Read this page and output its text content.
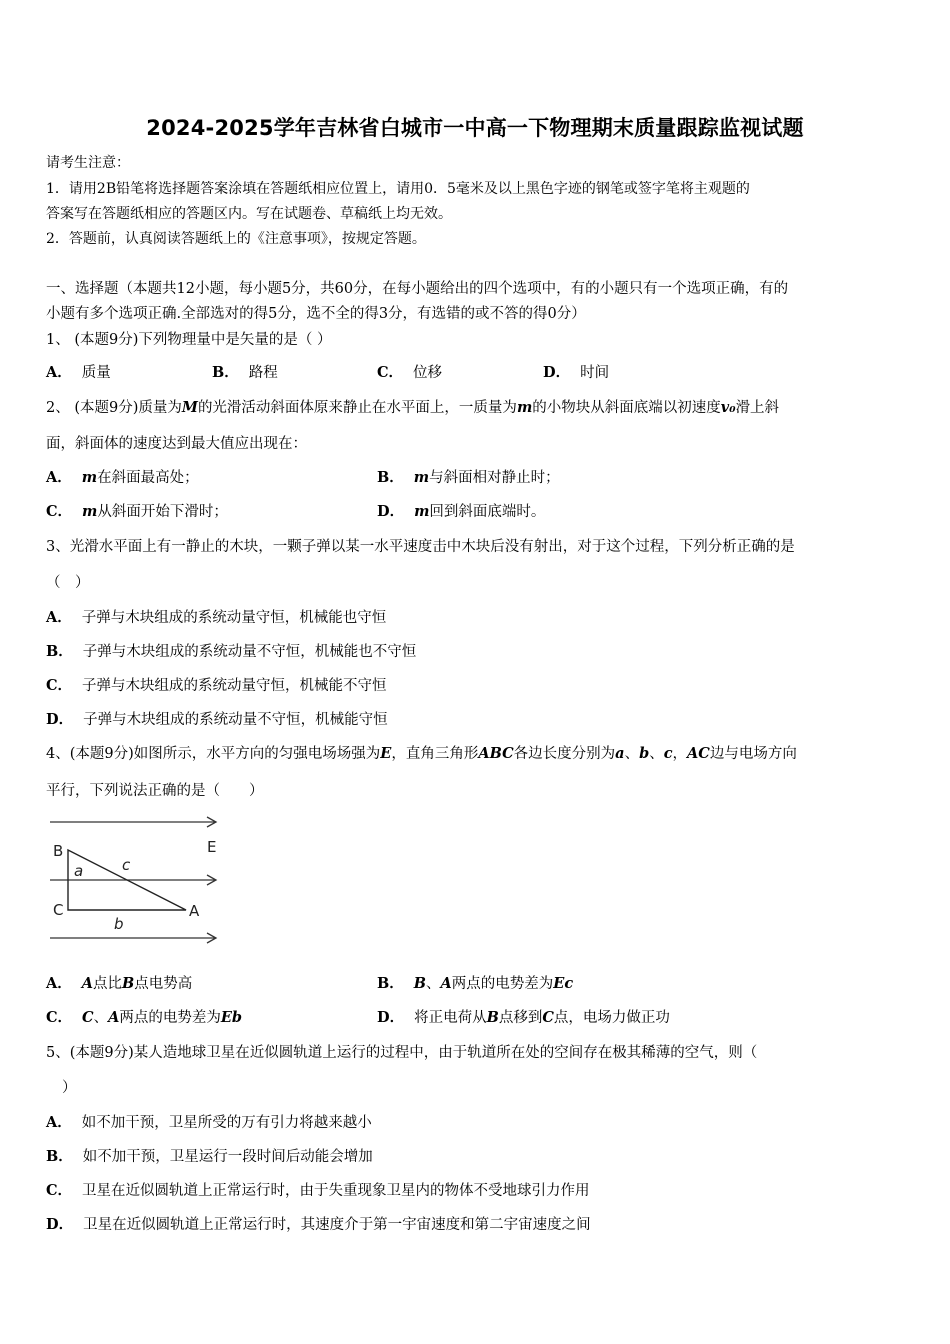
2024-2025学年吉林省白城市一中高一下物理期末质量跟踪监视试题
请考生注意：
1．请用2B铅笔将选择题答案涂填在答题纸相应位置上，请用0．5毫米及以上黑色字迹的钢笔或签字笔将主观题的
答案写在答题纸相应的答题区内。写在试题卷、草稿纸上均无效。
2．答题前，认真阅读答题纸上的《注意事项》，按规定答题。
一、选择题（本题共12小题，每小题5分，共60分，在每小题给出的四个选项中，有的小题只有一个选项正确，有的
小题有多个选项正确.全部选对的得5分，选不全的得3分，有选错的或不答的得0分）
1、 (本题9分)下列物理量中是矢量的是（ ）
A． 质量	B． 路程	C． 位移	D． 时间
2、 (本题9分)质量为M的光滑活动斜面体原来静止在水平面上，一质量为m的小物块从斜面底端以初速度v₀滑上斜
面，斜面体的速度达到最大值应出现在：
A． m在斜面最高处；	B． m与斜面相对静止时；
C． m从斜面开始下滑时；	D． m回到斜面底端时。
3、光滑水平面上有一静止的木块，一颗子弹以某一水平速度击中木块后没有射出，对于这个过程，下列分析正确的是
（　）
A． 子弹与木块组成的系统动量守恒，机械能也守恒
B． 子弹与木块组成的系统动量不守恒，机械能也不守恒
C． 子弹与木块组成的系统动量守恒，机械能不守恒
D． 子弹与木块组成的系统动量不守恒，机械能守恒
4、(本题9分)如图所示，水平方向的匀强电场场强为E，直角三角形ABC各边长度分别为a、b、c，AC边与电场方向
平行，下列说法正确的是（　　）
B
C	A
a
b
c
E
A． A点比B点电势高	B． B、A两点的电势差为Ec
C． C、A两点的电势差为Eb	D． 将正电荷从B点移到C点，电场力做正功
5、(本题9分)某人造地球卫星在近似圆轨道上运行的过程中，由于轨道所在处的空间存在极其稀薄的空气，则（
）
A． 如不加干预，卫星所受的万有引力将越来越小
B． 如不加干预，卫星运行一段时间后动能会增加
C． 卫星在近似圆轨道上正常运行时，由于失重现象卫星内的物体不受地球引力作用
D． 卫星在近似圆轨道上正常运行时，其速度介于第一宇宙速度和第二宇宙速度之间
